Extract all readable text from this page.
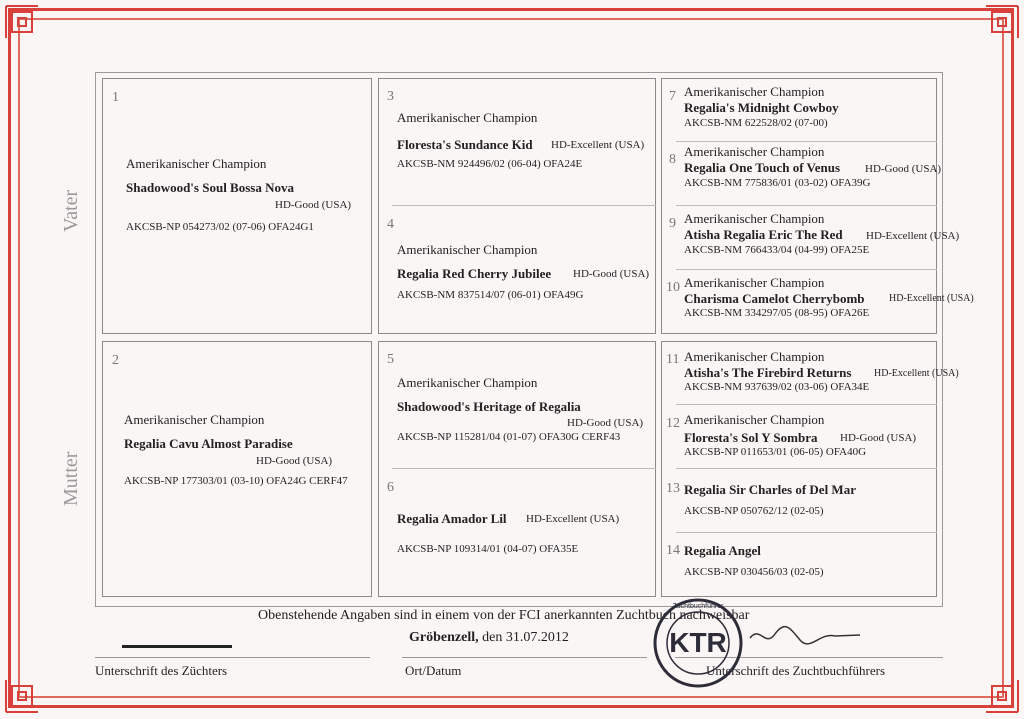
Vater
Mutter
1
Amerikanischer Champion
Shadowood's Soul Bossa Nova
HD-Good (USA)
AKCSB-NP 054273/02 (07-06) OFA24G1
2
Amerikanischer Champion
Regalia Cavu Almost Paradise
HD-Good (USA)
AKCSB-NP 177303/01 (03-10) OFA24G CERF47
3
Amerikanischer Champion
Floresta's Sundance Kid HD-Excellent (USA)
AKCSB-NM 924496/02 (06-04) OFA24E
4
Amerikanischer Champion
Regalia Red Cherry Jubilee HD-Good (USA)
AKCSB-NM 837514/07 (06-01) OFA49G
5
Amerikanischer Champion
Shadowood's Heritage of Regalia
HD-Good (USA)
AKCSB-NP 115281/04 (01-07) OFA30G CERF43
6
Regalia Amador Lil HD-Excellent (USA)
AKCSB-NP 109314/01 (04-07) OFA35E
7 Amerikanischer Champion
Regalia's Midnight Cowboy
AKCSB-NM 622528/02 (07-00)
8
Amerikanischer Champion
Regalia One Touch of Venus HD-Good (USA)
AKCSB-NM 775836/01 (03-02) OFA39G
9 Amerikanischer Champion
Atisha Regalia Eric The Red HD-Excellent (USA)
AKCSB-NM 766433/04 (04-99) OFA25E
10 Amerikanischer Champion
Charisma Camelot Cherrybomb HD-Excellent (USA)
AKCSB-NM 334297/05 (08-95) OFA26E
11 Amerikanischer Champion
Atisha's The Firebird Returns HD-Excellent (USA)
AKCSB-NM 937639/02 (03-06) OFA34E
12 Amerikanischer Champion
Floresta's Sol Y Sombra HD-Good (USA)
AKCSB-NP 011653/01 (06-05) OFA40G
13 Regalia Sir Charles of Del Mar
AKCSB-NP 050762/12 (02-05)
14 Regalia Angel
AKCSB-NP 030456/03 (02-05)
Obenstehende Angaben sind in einem von der FCI anerkannten Zuchtbuch nachweisbar
Gröbenzell, den 31.07.2012
Unterschrift des Züchters	Ort/Datum	Unterschrift des Zuchtbuchführers
KTR
Zuchtbuchführer
